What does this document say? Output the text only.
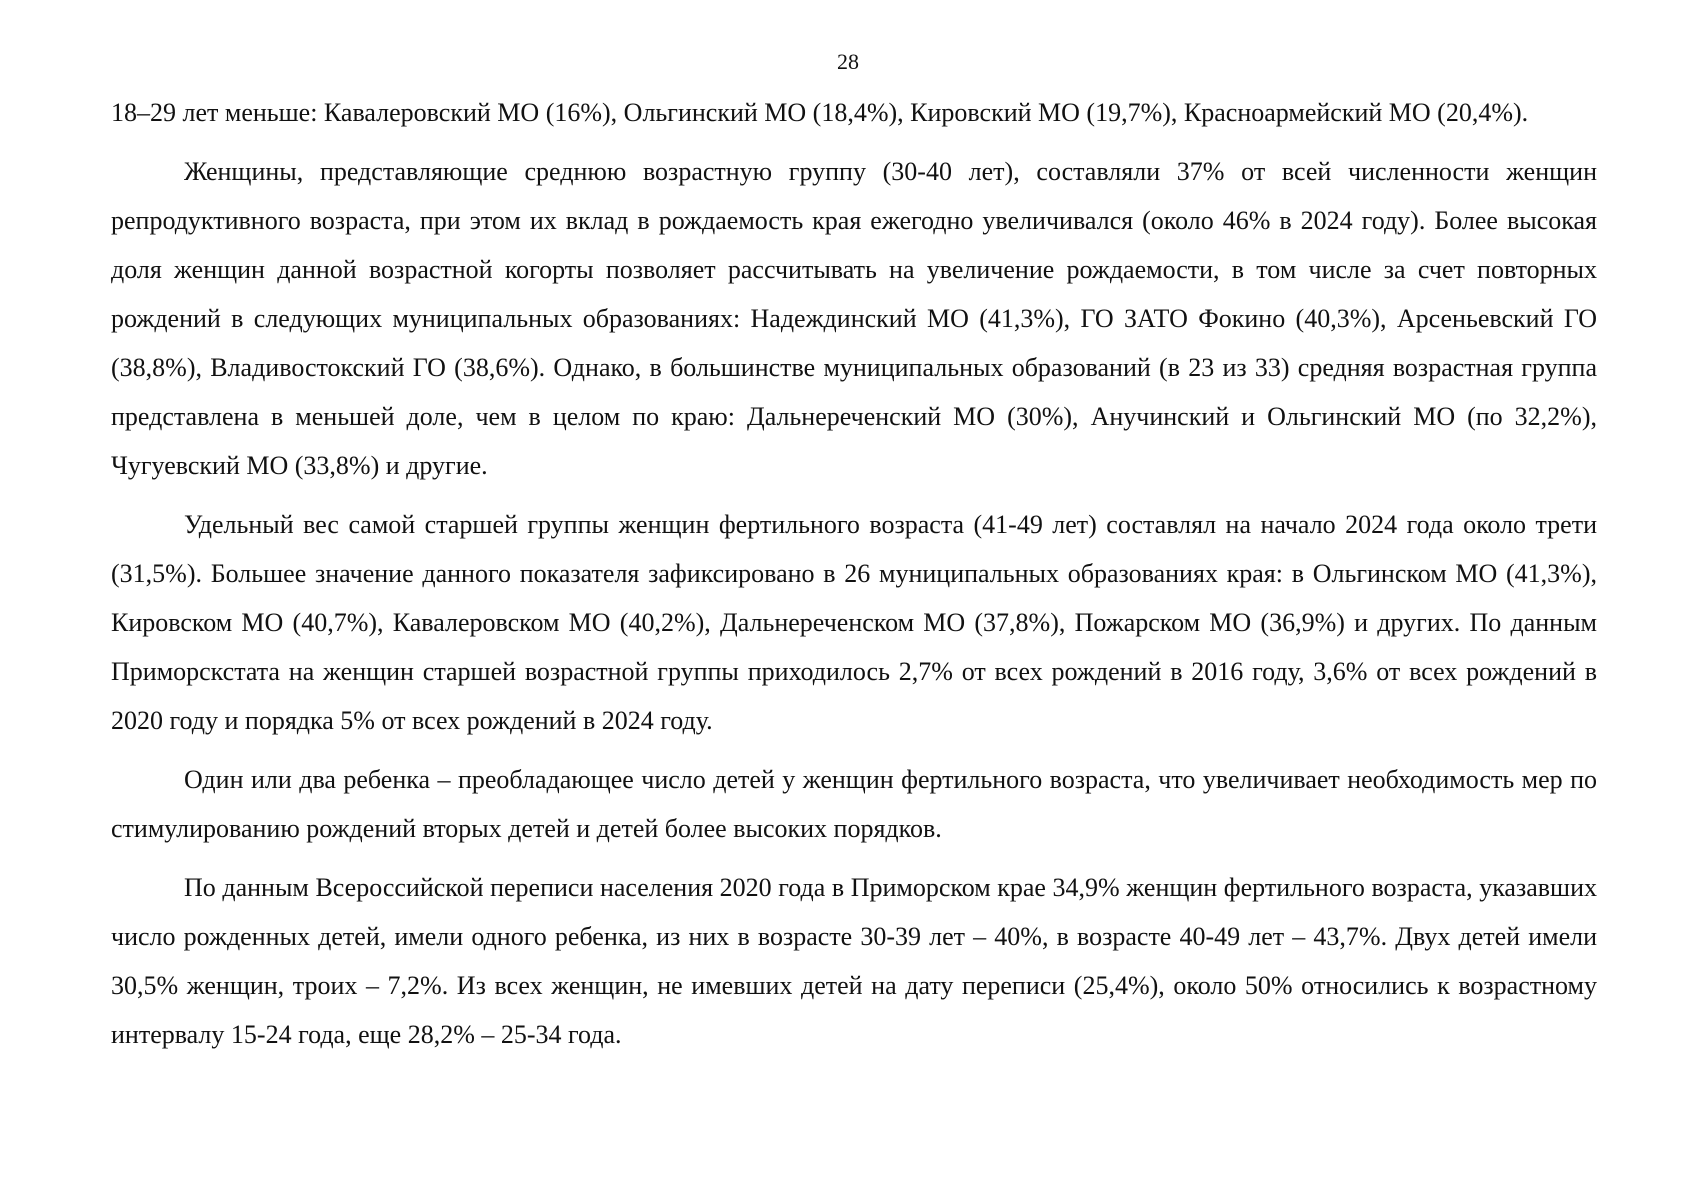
28

18–29 лет меньше: Кавалеровский МО (16%), Ольгинский МО (18,4%), Кировский МО (19,7%), Красноармейский МО (20,4%).

Женщины, представляющие среднюю возрастную группу (30-40 лет), составляли 37% от всей численности женщин репродуктивного возраста, при этом их вклад в рождаемость края ежегодно увеличивался (около 46% в 2024 году). Более высокая доля женщин данной возрастной когорты позволяет рассчитывать на увеличение рождаемости, в том числе за счет повторных рождений в следующих муниципальных образованиях: Надеждинский МО (41,3%), ГО ЗАТО Фокино (40,3%), Арсеньевский ГО (38,8%), Владивостокский ГО (38,6%). Однако, в большинстве муниципальных образований (в 23 из 33) средняя возрастная группа представлена в меньшей доле, чем в целом по краю: Дальнереченский МО (30%), Анучинский и Ольгинский МО (по 32,2%), Чугуевский МО (33,8%) и другие.

Удельный вес самой старшей группы женщин фертильного возраста (41-49 лет) составлял на начало 2024 года около трети (31,5%). Большее значение данного показателя зафиксировано в 26 муниципальных образованиях края: в Ольгинском МО (41,3%), Кировском МО (40,7%), Кавалеровском МО (40,2%), Дальнереченском МО (37,8%), Пожарском МО (36,9%) и других. По данным Приморскстата на женщин старшей возрастной группы приходилось 2,7% от всех рождений в 2016 году, 3,6% от всех рождений в 2020 году и порядка 5% от всех рождений в 2024 году.

Один или два ребенка – преобладающее число детей у женщин фертильного возраста, что увеличивает необходимость мер по стимулированию рождений вторых детей и детей более высоких порядков.

По данным Всероссийской переписи населения 2020 года в Приморском крае 34,9% женщин фертильного возраста, указавших число рожденных детей, имели одного ребенка, из них в возрасте 30-39 лет – 40%, в возрасте 40-49 лет – 43,7%. Двух детей имели 30,5% женщин, троих – 7,2%. Из всех женщин, не имевших детей на дату переписи (25,4%), около 50% относились к возрастному интервалу 15-24 года, еще 28,2% – 25-34 года.
